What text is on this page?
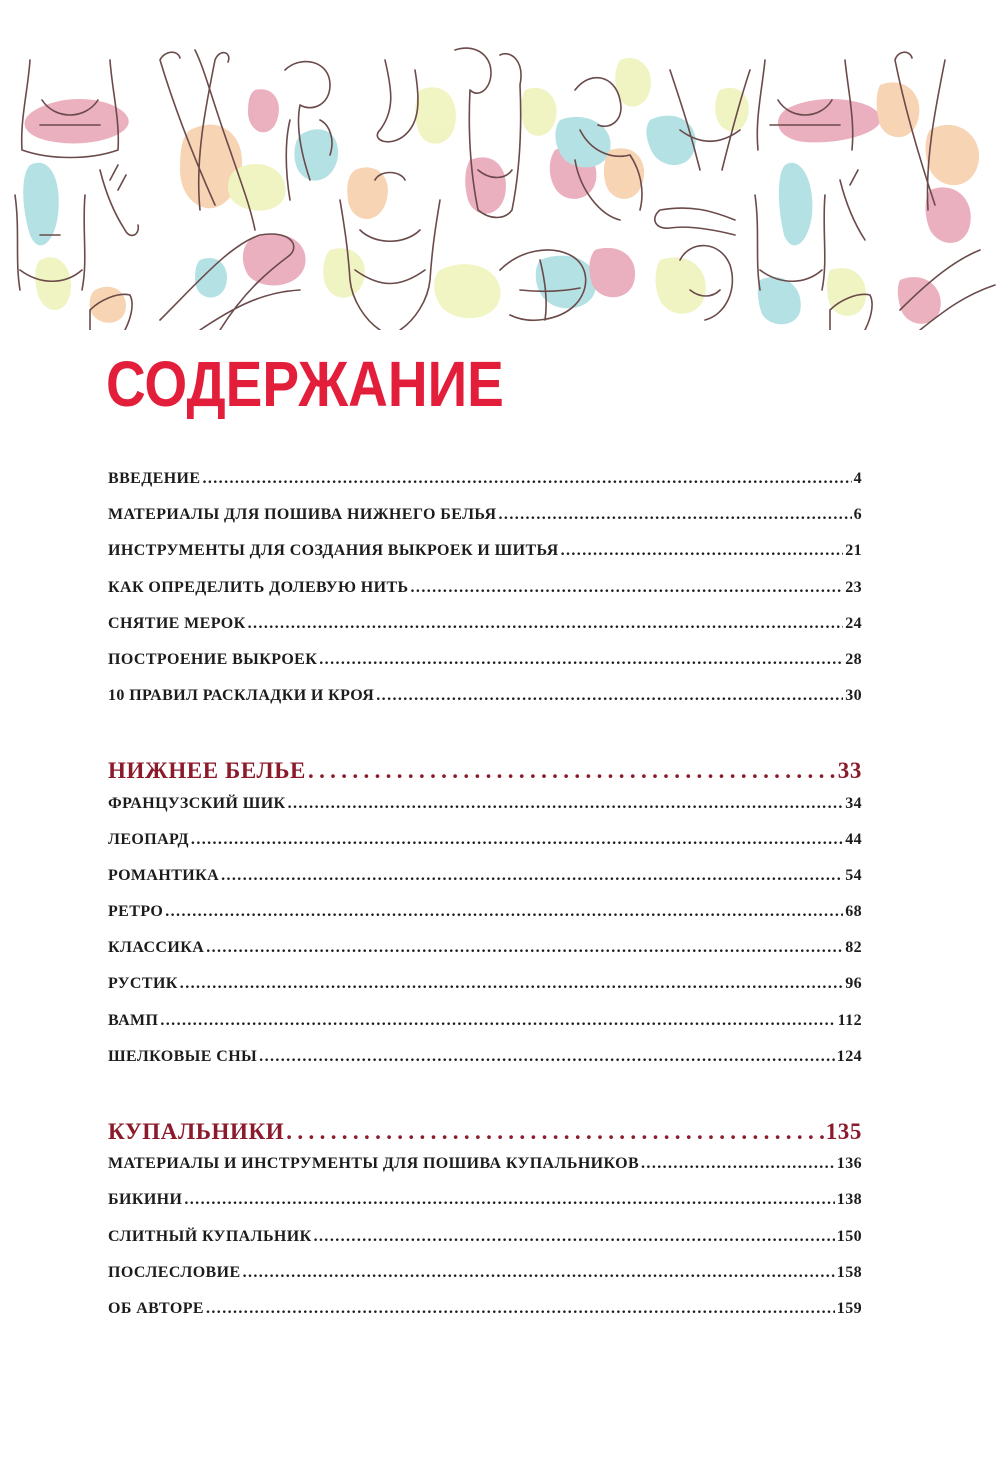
СОДЕРЖАНИЕ
ВВЕДЕНИЕ . . .	4
МАТЕРИАЛЫ ДЛЯ ПОШИВА НИЖНЕГО БЕЛЬЯ . . .	6
ИНСТРУМЕНТЫ ДЛЯ СОЗДАНИЯ ВЫКРОЕК И ШИТЬЯ . . .	21
КАК ОПРЕДЕЛИТЬ ДОЛЕВУЮ НИТЬ . . .	23
СНЯТИЕ МЕРОК . . .	24
ПОСТРОЕНИЕ ВЫКРОЕК . . .	28
10 ПРАВИЛ РАСКЛАДКИ И КРОЯ . . .	30
НИЖНЕЕ БЕЛЬЕ . . .	33
ФРАНЦУЗСКИЙ ШИК . . .	34
ЛЕОПАРД . . .	44
РОМАНТИКА . . .	54
РЕТРО . . .	68
КЛАССИКА . . .	82
РУСТИК . . .	96
ВАМП . . .	112
ШЕЛКОВЫЕ СНЫ . . .	124
КУПАЛЬНИКИ . . .	135
МАТЕРИАЛЫ И ИНСТРУМЕНТЫ ДЛЯ ПОШИВА КУПАЛЬНИКОВ . . .	136
БИКИНИ . . .	138
СЛИТНЫЙ КУПАЛЬНИК . . .	150
ПОСЛЕСЛОВИЕ . . .	158
ОБ АВТОРЕ . . .	159
